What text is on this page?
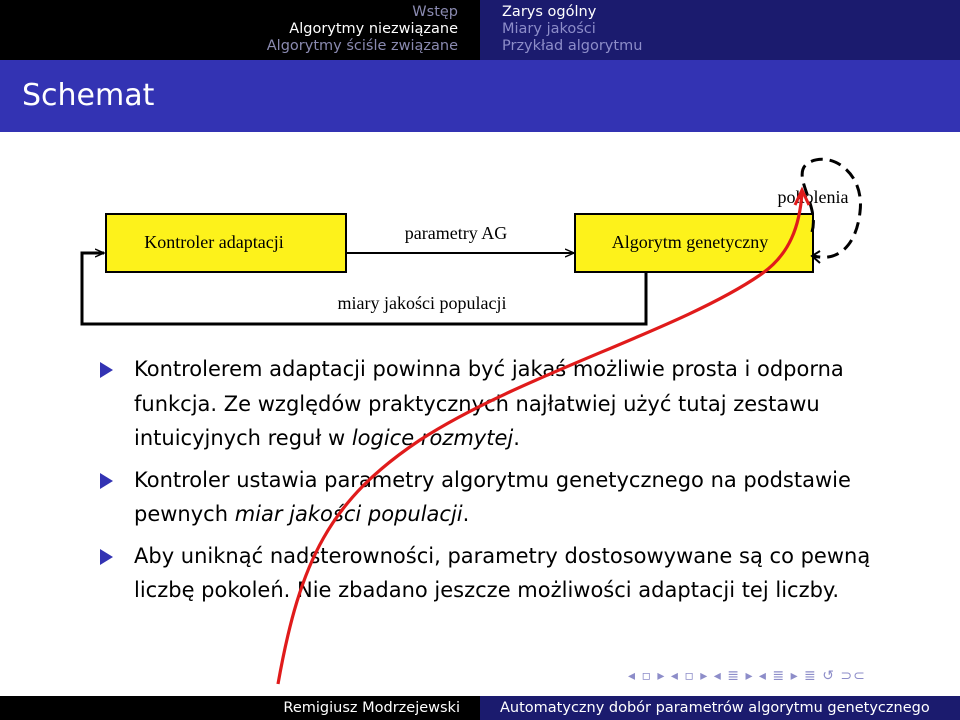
Wstęp
Algorytmy niezwiązane
Algorytmy ściśle związane
Zarys ogólny
Miary jakości
Przykład algorytmu
Schemat
Kontroler adaptacji	Algorytm genetyczny
parametry AG
miary jakości populacji
pokolenia
Kontrolerem adaptacji powinna być jakaś możliwie prosta i odporna funkcja. Ze względów praktycznych najłatwiej użyć tutaj zestawu intuicyjnych reguł w logice rozmytej.
Kontroler ustawia parametry algorytmu genetycznego na podstawie pewnych miar jakości populacji.
Aby uniknąć nadsterowności, parametry dostosowywane są co pewną liczbę pokoleń. Nie zbadano jeszcze możliwości adaptacji tej liczby.
◂ ▫ ▸ ◂ ▫ ▸ ◂ ≣ ▸ ◂ ≣ ▸ ≣ ↺ ⊃⊂
Remigiusz Modrzejewski	Automatyczny dobór parametrów algorytmu genetycznego
